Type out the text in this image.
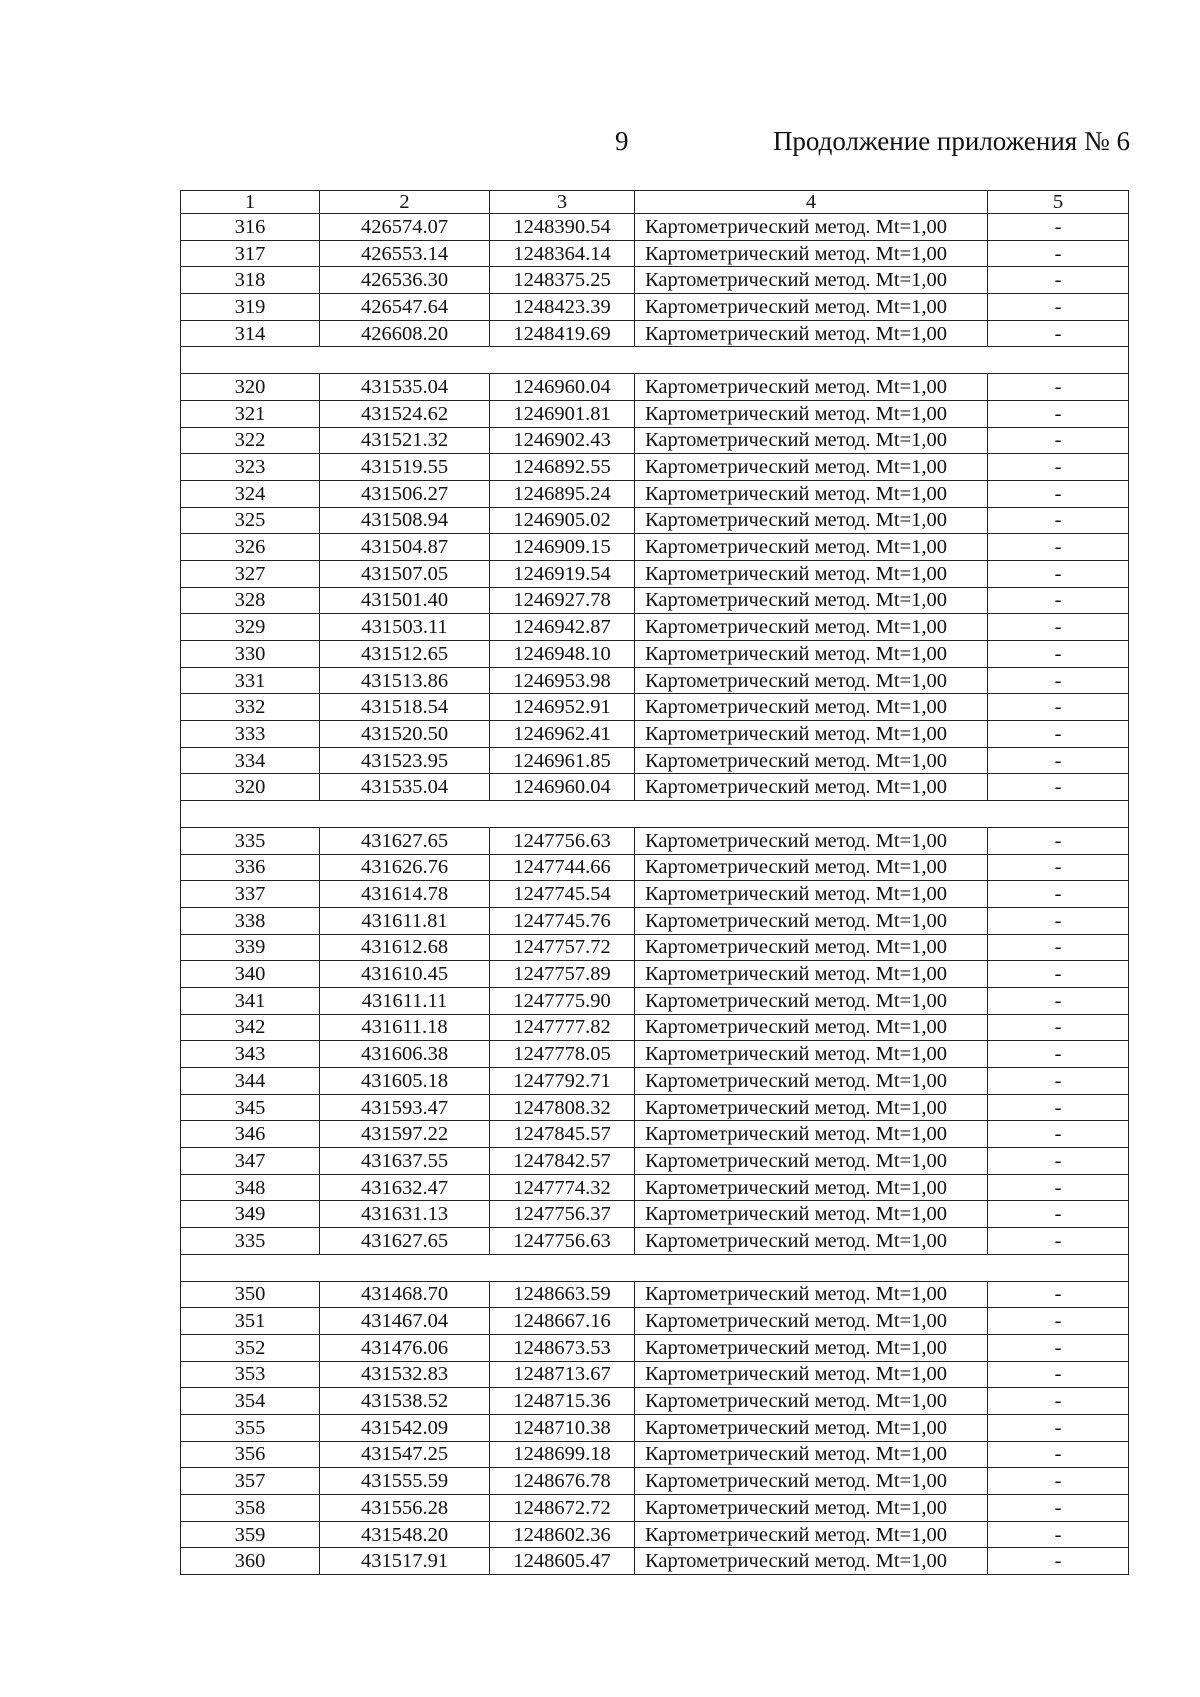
9	Продолжение приложения № 6
1	2	3	4	5
316	426574.07	1248390.54	Картометрический метод. Mt=1,00	-
317	426553.14	1248364.14	Картометрический метод. Mt=1,00	-
318	426536.30	1248375.25	Картометрический метод. Mt=1,00	-
319	426547.64	1248423.39	Картометрический метод. Mt=1,00	-
314	426608.20	1248419.69	Картометрический метод. Mt=1,00	-

320	431535.04	1246960.04	Картометрический метод. Mt=1,00	-
321	431524.62	1246901.81	Картометрический метод. Mt=1,00	-
322	431521.32	1246902.43	Картометрический метод. Mt=1,00	-
323	431519.55	1246892.55	Картометрический метод. Mt=1,00	-
324	431506.27	1246895.24	Картометрический метод. Mt=1,00	-
325	431508.94	1246905.02	Картометрический метод. Mt=1,00	-
326	431504.87	1246909.15	Картометрический метод. Mt=1,00	-
327	431507.05	1246919.54	Картометрический метод. Mt=1,00	-
328	431501.40	1246927.78	Картометрический метод. Mt=1,00	-
329	431503.11	1246942.87	Картометрический метод. Mt=1,00	-
330	431512.65	1246948.10	Картометрический метод. Mt=1,00	-
331	431513.86	1246953.98	Картометрический метод. Mt=1,00	-
332	431518.54	1246952.91	Картометрический метод. Mt=1,00	-
333	431520.50	1246962.41	Картометрический метод. Mt=1,00	-
334	431523.95	1246961.85	Картометрический метод. Mt=1,00	-
320	431535.04	1246960.04	Картометрический метод. Mt=1,00	-

335	431627.65	1247756.63	Картометрический метод. Mt=1,00	-
336	431626.76	1247744.66	Картометрический метод. Mt=1,00	-
337	431614.78	1247745.54	Картометрический метод. Mt=1,00	-
338	431611.81	1247745.76	Картометрический метод. Mt=1,00	-
339	431612.68	1247757.72	Картометрический метод. Mt=1,00	-
340	431610.45	1247757.89	Картометрический метод. Mt=1,00	-
341	431611.11	1247775.90	Картометрический метод. Mt=1,00	-
342	431611.18	1247777.82	Картометрический метод. Mt=1,00	-
343	431606.38	1247778.05	Картометрический метод. Mt=1,00	-
344	431605.18	1247792.71	Картометрический метод. Mt=1,00	-
345	431593.47	1247808.32	Картометрический метод. Mt=1,00	-
346	431597.22	1247845.57	Картометрический метод. Mt=1,00	-
347	431637.55	1247842.57	Картометрический метод. Mt=1,00	-
348	431632.47	1247774.32	Картометрический метод. Mt=1,00	-
349	431631.13	1247756.37	Картометрический метод. Mt=1,00	-
335	431627.65	1247756.63	Картометрический метод. Mt=1,00	-

350	431468.70	1248663.59	Картометрический метод. Mt=1,00	-
351	431467.04	1248667.16	Картометрический метод. Mt=1,00	-
352	431476.06	1248673.53	Картометрический метод. Mt=1,00	-
353	431532.83	1248713.67	Картометрический метод. Mt=1,00	-
354	431538.52	1248715.36	Картометрический метод. Mt=1,00	-
355	431542.09	1248710.38	Картометрический метод. Mt=1,00	-
356	431547.25	1248699.18	Картометрический метод. Mt=1,00	-
357	431555.59	1248676.78	Картометрический метод. Mt=1,00	-
358	431556.28	1248672.72	Картометрический метод. Mt=1,00	-
359	431548.20	1248602.36	Картометрический метод. Mt=1,00	-
360	431517.91	1248605.47	Картометрический метод. Mt=1,00	-
